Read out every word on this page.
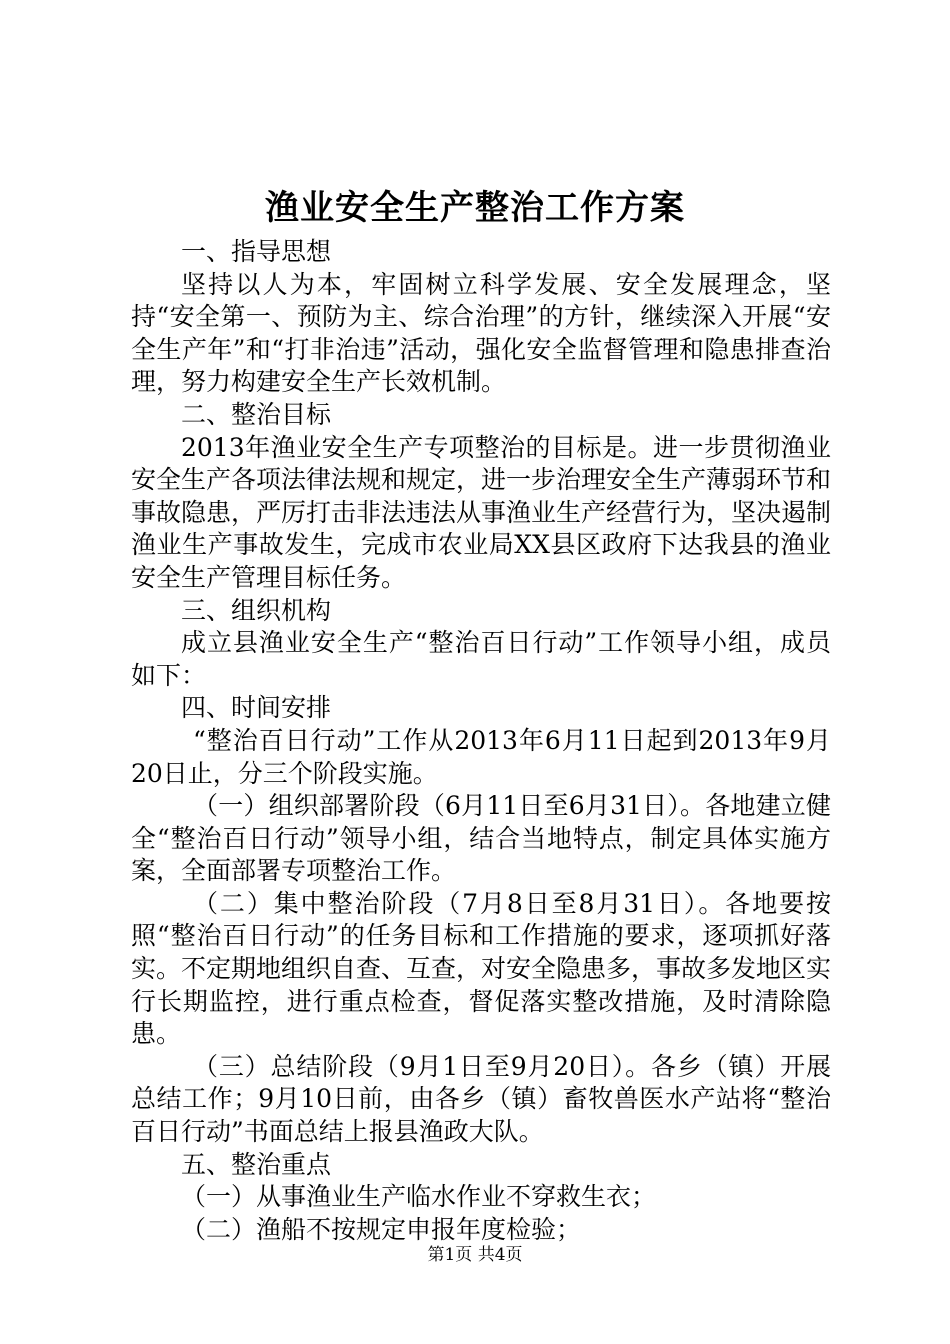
渔业安全生产整治工作方案

一、指导思想

坚持以人为本，牢固树立科学发展、安全发展理念，坚持“安全第一、预防为主、综合治理”的方针，继续深入开展“安全生产年”和“打非治违”活动，强化安全监督管理和隐患排查治理，努力构建安全生产长效机制。

二、整治目标

2013年渔业安全生产专项整治的目标是。进一步贯彻渔业安全生产各项法律法规和规定，进一步治理安全生产薄弱环节和事故隐患，严厉打击非法违法从事渔业生产经营行为，坚决遏制渔业生产事故发生，完成市农业局XX县区政府下达我县的渔业安全生产管理目标任务。

三、组织机构

成立县渔业安全生产“整治百日行动”工作领导小组，成员如下：

四、时间安排

“整治百日行动”工作从2013年6月11日起到2013年9月20日止，分三个阶段实施。

（一）组织部署阶段（6月11日至6月31日）。各地建立健全“整治百日行动”领导小组，结合当地特点，制定具体实施方案，全面部署专项整治工作。

（二）集中整治阶段（7月8日至8月31日）。各地要按照“整治百日行动”的任务目标和工作措施的要求，逐项抓好落实。不定期地组织自查、互查，对安全隐患多，事故多发地区实行长期监控，进行重点检查，督促落实整改措施，及时清除隐患。

（三）总结阶段（9月1日至9月20日）。各乡（镇）开展总结工作；9月10日前，由各乡（镇）畜牧兽医水产站将“整治百日行动”书面总结上报县渔政大队。

五、整治重点

（一）从事渔业生产临水作业不穿救生衣；

（二）渔船不按规定申报年度检验；

第1页 共4页
